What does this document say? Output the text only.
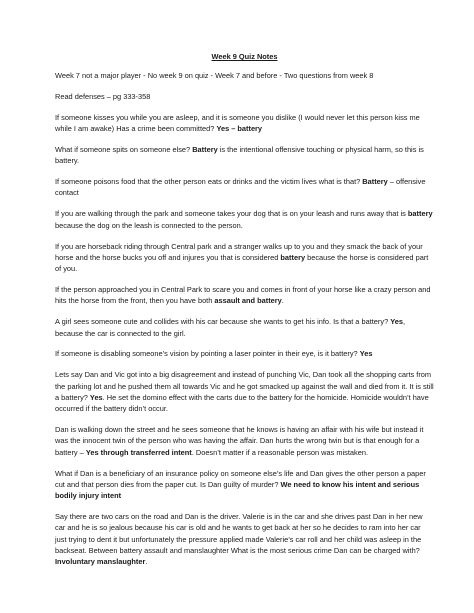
Week 9 Quiz Notes

Week 7 not a major player - No week 9 on quiz - Week 7 and before - Two questions from week 8

Read defenses – pg 333-358

If someone kisses you while you are asleep, and it is someone you dislike (I would never let this person kiss me while I am awake) Has a crime been committed? Yes – battery

What if someone spits on someone else? Battery is the intentional offensive touching or physical harm, so this is battery.

If someone poisons food that the other person eats or drinks and the victim lives what is that? Battery – offensive contact

If you are walking through the park and someone takes your dog that is on your leash and runs away that is battery because the dog on the leash is connected to the person.

If you are horseback riding through Central park and a stranger walks up to you and they smack the back of your horse and the horse bucks you off and injures you that is considered battery because the horse is considered part of you.

If the person approached you in Central Park to scare you and comes in front of your horse like a crazy person and hits the horse from the front, then you have both assault and battery.

A girl sees someone cute and collides with his car because she wants to get his info. Is that a battery? Yes, because the car is connected to the girl.

If someone is disabling someone’s vision by pointing a laser pointer in their eye, is it battery? Yes

Lets say Dan and Vic got into a big disagreement and instead of punching Vic, Dan took all the shopping carts from the parking lot and he pushed them all towards Vic and he got smacked up against the wall and died from it. It is still a battery? Yes. He set the domino effect with the carts due to the battery for the homicide. Homicide wouldn’t have occurred if the battery didn’t occur.

Dan is walking down the street and he sees someone that he knows is having an affair with his wife but instead it was the innocent twin of the person who was having the affair. Dan hurts the wrong twin but is that enough for a battery – Yes through transferred intent. Doesn’t matter if a reasonable person was mistaken.

What if Dan is a beneficiary of an insurance policy on someone else’s life and Dan gives the other person a paper cut and that person dies from the paper cut. Is Dan guilty of murder? We need to know his intent and serious bodily injury intent

Say there are two cars on the road and Dan is the driver. Valerie is in the car and she drives past Dan in her new car and he is so jealous because his car is old and he wants to get back at her so he decides to ram into her car just trying to dent it but unfortunately the pressure applied made Valerie’s car roll and her child was asleep in the backseat. Between battery assault and manslaughter What is the most serious crime Dan can be charged with? Involuntary manslaughter.
